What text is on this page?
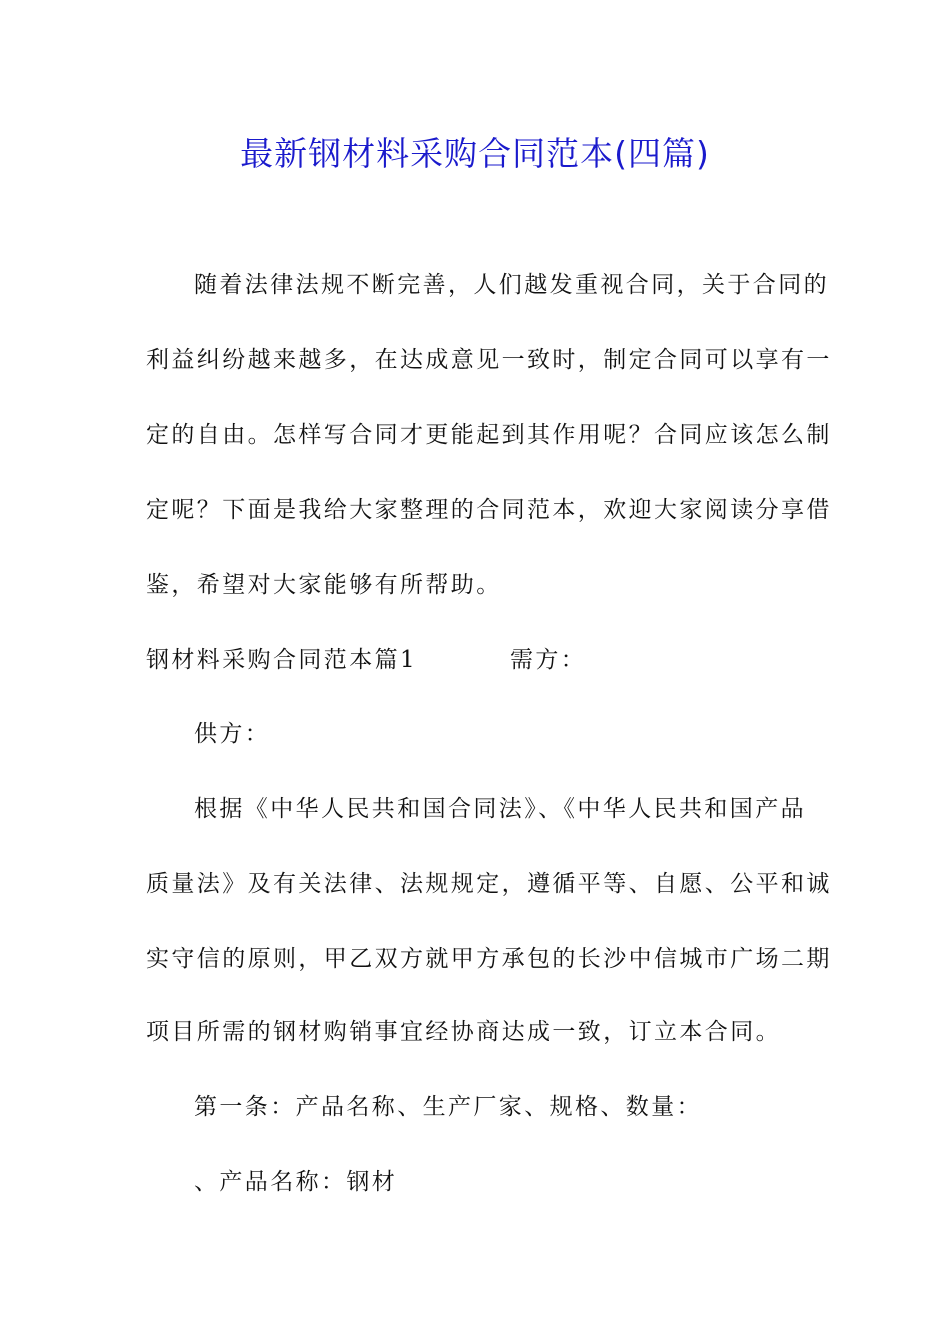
最新钢材料采购合同范本(四篇)
随着法律法规不断完善，人们越发重视合同，关于合同的
利益纠纷越来越多，在达成意见一致时，制定合同可以享有一
定的自由。怎样写合同才更能起到其作用呢？合同应该怎么制
定呢？下面是我给大家整理的合同范本，欢迎大家阅读分享借
鉴，希望对大家能够有所帮助。
钢材料采购合同范本篇1	需方：
供方：
根据《中华人民共和国合同法》、《中华人民共和国产品
质量法》及有关法律、法规规定，遵循平等、自愿、公平和诚
实守信的原则，甲乙双方就甲方承包的长沙中信城市广场二期
项目所需的钢材购销事宜经协商达成一致，订立本合同。
第一条：产品名称、生产厂家、规格、数量：
、产品名称：钢材
